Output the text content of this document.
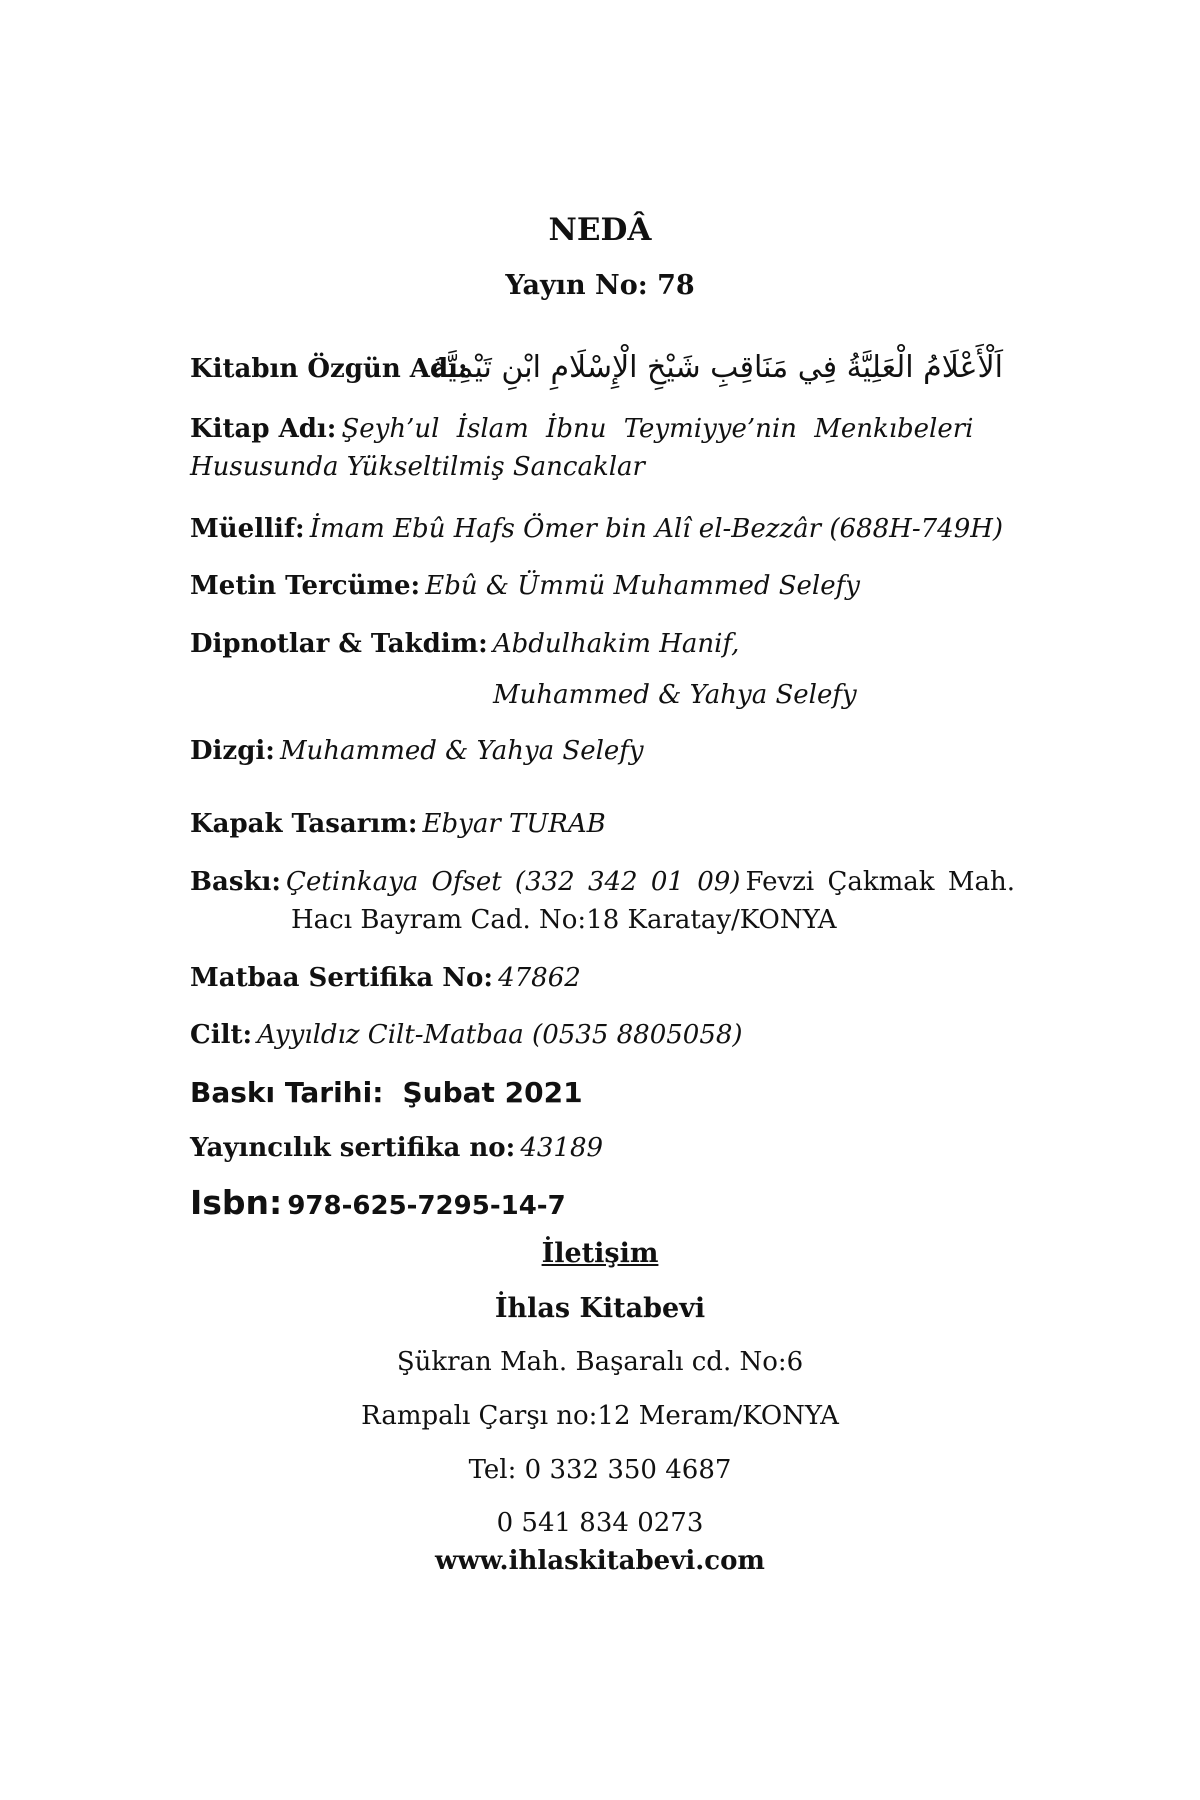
NEDÂ
Yayın No: 78
Kitabın Özgün Adı:
اَلْأَعْلَامُ الْعَلِيَّةُ فِي مَنَاقِبِ شَيْخِ الْإِسْلَامِ ابْنِ تَيْمِيَّةَ
Kitap Adı: Şeyh’ul İslam İbnu Teymiyye’nin Menkıbeleri
Hususunda Yükseltilmiş Sancaklar
Müellif: İmam Ebû Hafs Ömer bin Alî el-Bezzâr (688H-749H)
Metin Tercüme: Ebû & Ümmü Muhammed Selefy
Dipnotlar & Takdim: Abdulhakim Hanif,
Muhammed & Yahya Selefy
Dizgi: Muhammed & Yahya Selefy
Kapak Tasarım: Ebyar TURAB
Baskı: Çetinkaya Ofset (332 342 01 09) Fevzi Çakmak Mah.
Hacı Bayram Cad. No:18 Karatay/KONYA
Matbaa Sertifika No: 47862
Cilt: Ayyıldız Cilt-Matbaa (0535 8805058)
Baskı Tarihi: Şubat 2021
Yayıncılık sertifika no: 43189
Isbn: 978-625-7295-14-7
İletişim
İhlas Kitabevi
Şükran Mah. Başaralı cd. No:6
Rampalı Çarşı no:12 Meram/KONYA
Tel: 0 332 350 4687
0 541 834 0273
www.ihlaskitabevi.com
